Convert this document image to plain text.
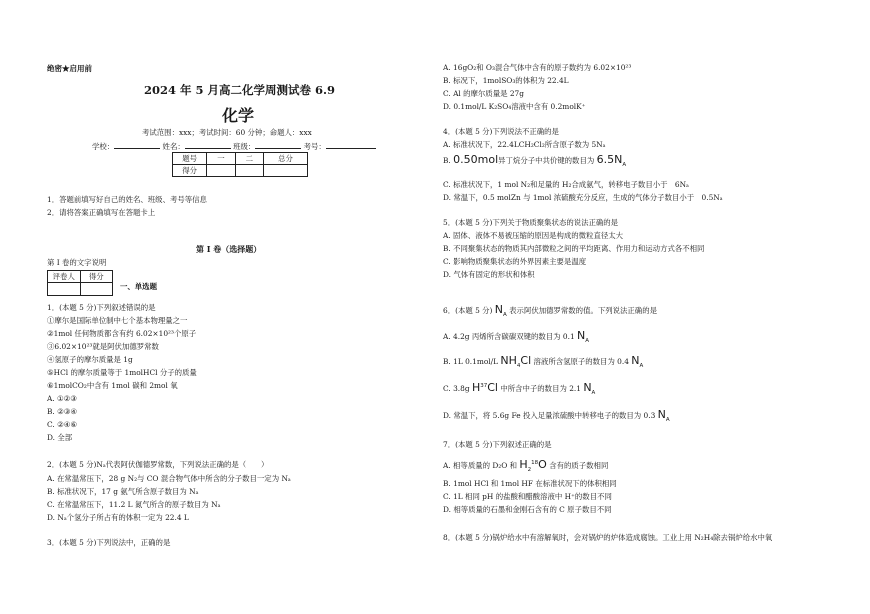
绝密★启用前
2024 年 5 月高二化学周测试卷 6.9
化学
考试范围：xxx；考试时间：60 分钟；命题人：xxx
学校：	姓名：	班级：	考号：
题号	一	二	总分
得分			
1．答题前填写好自己的姓名、班级、考号等信息
2．请将答案正确填写在答题卡上
第 I 卷（选择题）
第 I 卷的文字说明
评卷人	得分

一、单选题
1．(本题 5 分)下列叙述错误的是
①摩尔是国际单位制中七个基本物理量之一
②1mol 任何物质都含有约 6.02×10²³个原子
③6.02×10²³就是阿伏加德罗常数
④氢原子的摩尔质量是 1g
⑤HCl 的摩尔质量等于 1molHCl 分子的质量
⑥1molCO₂中含有 1mol 碳和 2mol 氧
A. ①②③
B. ②③④
C. ②④⑥
D. 全部
2．(本题 5 分)Nₐ代表阿伏伽德罗常数，下列说法正确的是（　　）
A. 在常温常压下，28 g N₂与 CO 混合物气体中所含的分子数目一定为 Nₐ
B. 标准状况下，17 g 氨气所含原子数目为 Nₐ
C. 在常温常压下，11.2 L 氮气所含的原子数目为 Nₐ
D. Nₐ个氢分子所占有的体积一定为 22.4 L
3．(本题 5 分)下列说法中，正确的是
A. 16gO₂和 O₃混合气体中含有的原子数约为 6.02×10²³
B. 标况下，1molSO₃的体积为 22.4L
C. Al 的摩尔质量是 27g
D. 0.1mol/L K₂SO₄溶液中含有 0.2molK⁺
4．(本题 5 分)下列说法不正确的是
A. 标准状况下，22.4LCH₂Cl₂所含原子数为 5Nₐ
B. 0.50mol异丁烷分子中共价键的数目为 $6.5N_A$
C. 标准状况下，1 mol N₂和足量的 H₂合成氨气，转移电子数目小于　6Nₐ
D. 常温下，0.5 molZn 与 1mol 浓硫酸充分反应，生成的气体分子数目小于　0.5Nₐ
5．(本题 5 分)下列关于物质聚集状态的说法正确的是
A. 固体、液体不易被压缩的原因是构成的微粒直径太大
B. 不同聚集状态的物质其内部微粒之间的平均距离、作用力和运动方式各不相同
C. 影响物质聚集状态的外界因素主要是温度
D. 气体有固定的形状和体积
6．(本题 5 分) $N_A$ 表示阿伏加德罗常数的值。下列说法正确的是
A. 4.2g 丙烯所含碳碳双键的数目为 0.1 $N_A$
B. 1L 0.1mol/L $NH_4Cl$ 溶液所含氢原子的数目为 0.4 $N_A$
C. 3.8g $H^{37}Cl$ 中所含中子的数目为 2.1 $N_A$
D. 常温下，将 5.6g Fe 投入足量浓硫酸中转移电子的数目为 0.3 $N_A$
7．(本题 5 分)下列叙述正确的是
A. 相等质量的 D₂O 和 $H_2^{18}O$ 含有的质子数相同
B. 1mol HCl 和 1mol HF 在标准状况下的体积相同
C. 1L 相同 pH 的盐酸和醋酸溶液中 H⁺的数目不同
D. 相等质量的石墨和金刚石含有的 C 原子数目不同
8．(本题 5 分)锅炉给水中有溶解氧时，会对锅炉的炉体造成腐蚀。工业上用 N₂H₄除去锅炉给水中氧
